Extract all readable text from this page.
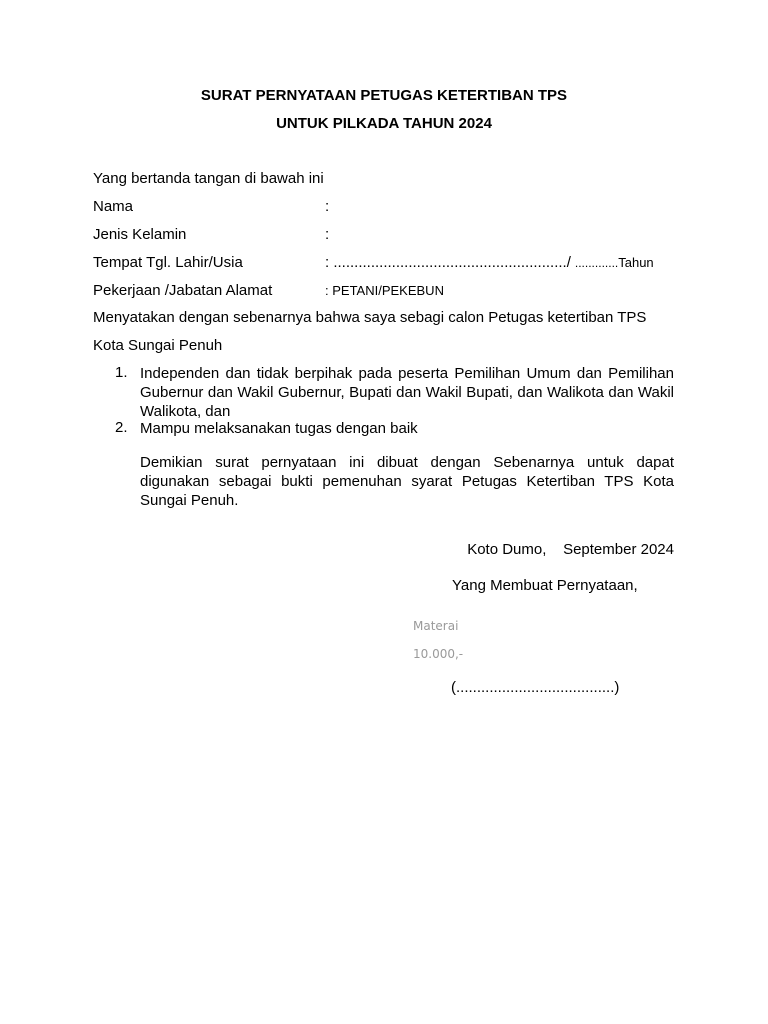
SURAT PERNYATAAN PETUGAS KETERTIBAN TPS
UNTUK PILKADA TAHUN 2024
Yang bertanda tangan di bawah ini
Nama	:
Jenis Kelamin	:
Tempat Tgl. Lahir/Usia	: ......................................................../ .............Tahun
Pekerjaan /Jabatan Alamat	: PETANI/PEKEBUN
Menyatakan dengan sebenarnya bahwa saya sebagi calon Petugas ketertiban TPS
Kota Sungai Penuh
1. Independen dan tidak berpihak pada peserta Pemilihan Umum dan Pemilihan Gubernur dan Wakil Gubernur, Bupati dan Wakil Bupati, dan Walikota dan Wakil Walikota, dan
2. Mampu melaksanakan tugas dengan baik
Demikian surat pernyataan ini dibuat dengan Sebenarnya untuk dapat digunakan sebagai bukti pemenuhan syarat Petugas Ketertiban TPS Kota Sungai Penuh.
Koto Dumo,    September 2024
Yang Membuat Pernyataan,
Materai
10.000,-
(......................................)
